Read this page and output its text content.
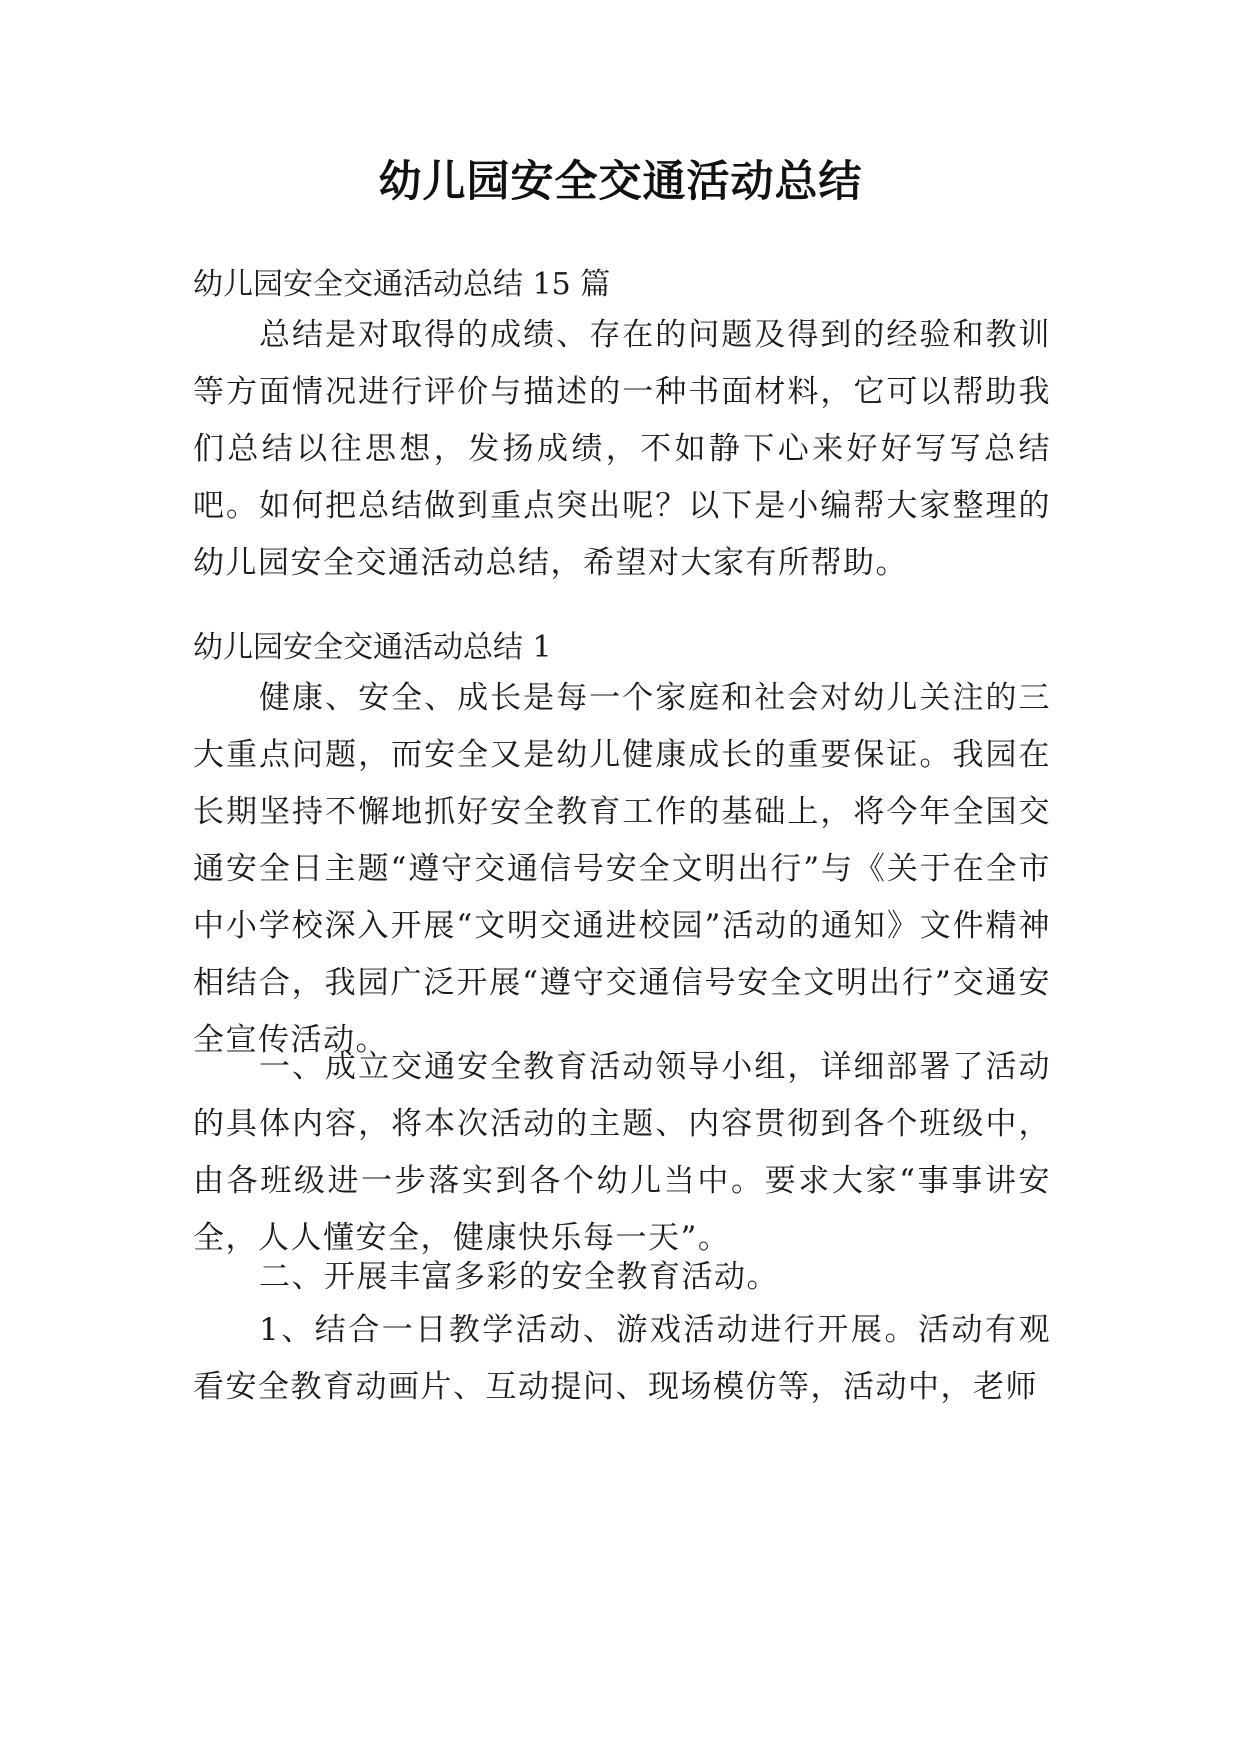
幼儿园安全交通活动总结
幼儿园安全交通活动总结 15 篇

总结是对取得的成绩、存在的问题及得到的经验和教训等方面情况进行评价与描述的一种书面材料，它可以帮助我们总结以往思想，发扬成绩，不如静下心来好好写写总结吧。如何把总结做到重点突出呢？以下是小编帮大家整理的幼儿园安全交通活动总结，希望对大家有所帮助。

幼儿园安全交通活动总结 1

健康、安全、成长是每一个家庭和社会对幼儿关注的三大重点问题，而安全又是幼儿健康成长的重要保证。我园在长期坚持不懈地抓好安全教育工作的基础上，将今年全国交通安全日主题“遵守交通信号安全文明出行”与《关于在全市中小学校深入开展“文明交通进校园”活动的通知》文件精神相结合，我园广泛开展“遵守交通信号安全文明出行”交通安全宣传活动。

一、成立交通安全教育活动领导小组，详细部署了活动的具体内容，将本次活动的主题、内容贯彻到各个班级中，由各班级进一步落实到各个幼儿当中。要求大家“事事讲安全，人人懂安全，健康快乐每一天”。

二、开展丰富多彩的安全教育活动。

1、结合一日教学活动、游戏活动进行开展。活动有观看安全教育动画片、互动提问、现场模仿等，活动中，老师
